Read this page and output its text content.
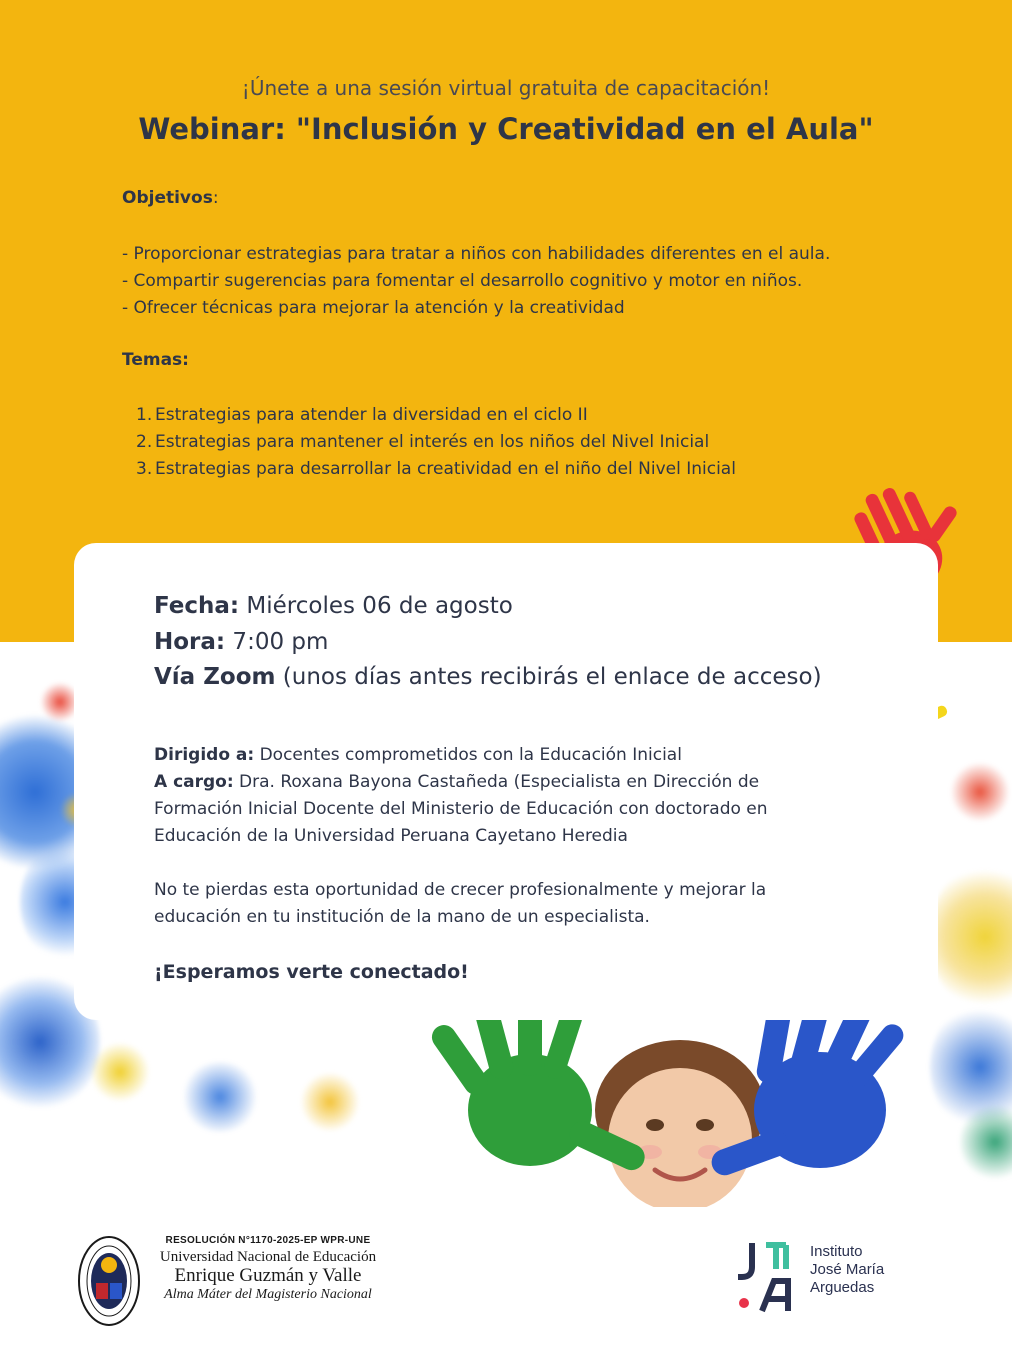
¡Únete a una sesión virtual gratuita de capacitación!
Webinar: "Inclusión y Creatividad en el Aula"
Objetivos:
- Proporcionar estrategias para tratar a niños con habilidades diferentes en el aula.
- Compartir sugerencias para fomentar el desarrollo cognitivo y motor en niños.
- Ofrecer técnicas para mejorar la atención y la creatividad
Temas:
1. Estrategias para atender la diversidad en el ciclo II
2. Estrategias para mantener el interés en los niños del Nivel Inicial
3. Estrategias para desarrollar la creatividad en el niño del Nivel Inicial
Fecha: Miércoles 06 de agosto
Hora: 7:00 pm
Vía Zoom (unos días antes recibirás el enlace de acceso)
Dirigido a: Docentes comprometidos con la Educación Inicial
A cargo: Dra. Roxana Bayona Castañeda (Especialista en Dirección de Formación Inicial Docente del Ministerio de Educación con doctorado en Educación de la Universidad Peruana Cayetano Heredia
No te pierdas esta oportunidad de crecer profesionalmente y mejorar la educación en tu institución de la mano de un especialista.
¡Esperamos verte conectado!
RESOLUCIÓN N°1170-2025-EP WPR-UNE
Universidad Nacional de Educación
Enrique Guzmán y Valle
Alma Máter del Magisterio Nacional
Instituto
José María
Arguedas
